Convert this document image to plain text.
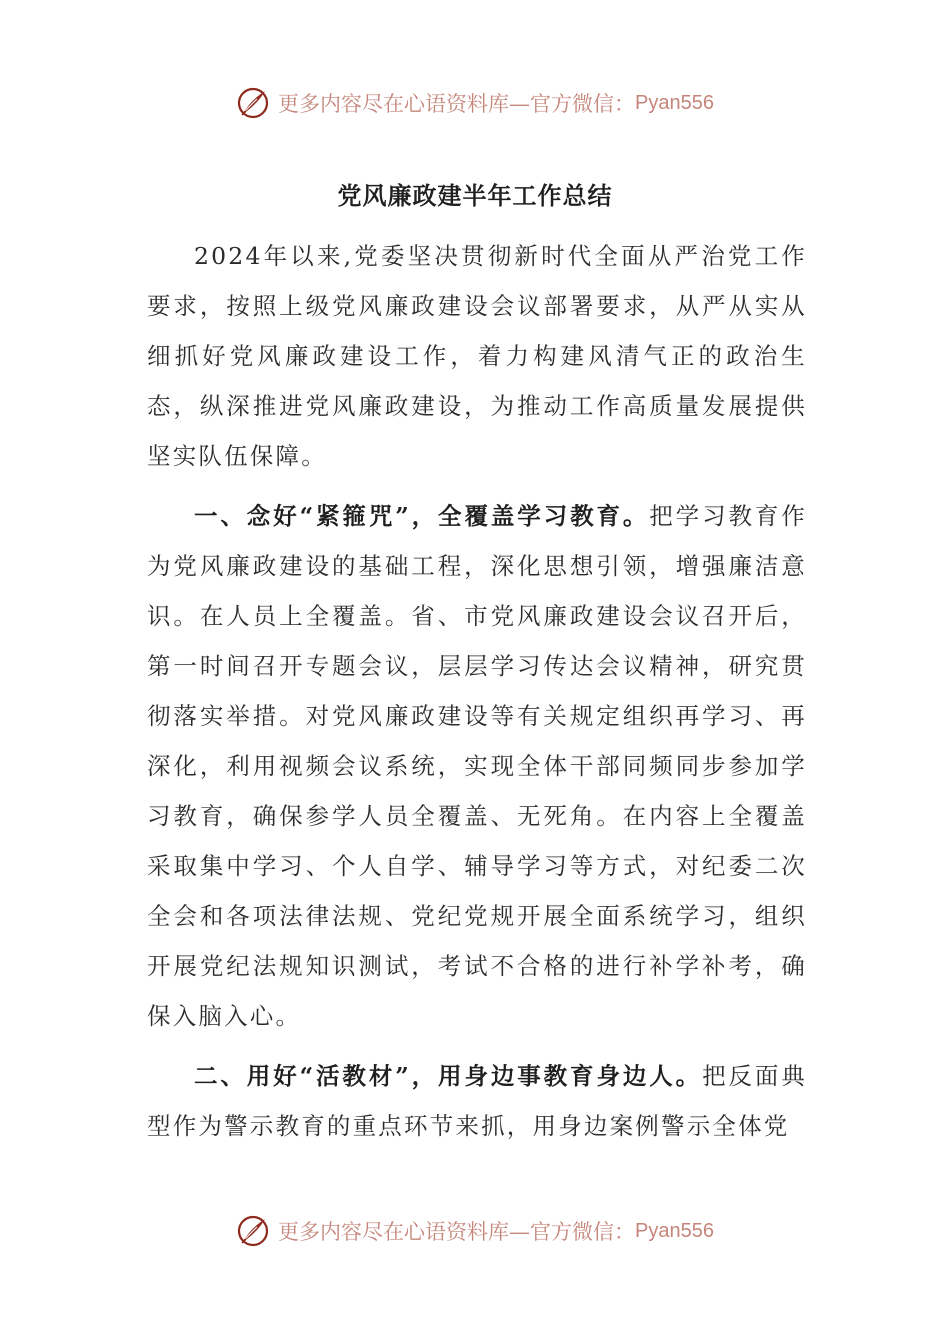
更多内容尽在心语资料库—官方微信： Pyan556
党风廉政建半年工作总结

2024年以来,党委坚决贯彻新时代全面从严治党工作要求，按照上级党风廉政建设会议部署要求，从严从实从细抓好党风廉政建设工作，着力构建风清气正的政治生态，纵深推进党风廉政建设，为推动工作高质量发展提供坚实队伍保障。

一、念好“紧箍咒”，全覆盖学习教育。把学习教育作为党风廉政建设的基础工程，深化思想引领，增强廉洁意识。在人员上全覆盖。省、市党风廉政建设会议召开后，第一时间召开专题会议，层层学习传达会议精神，研究贯彻落实举措。对党风廉政建设等有关规定组织再学习、再深化，利用视频会议系统，实现全体干部同频同步参加学习教育，确保参学人员全覆盖、无死角。在内容上全覆盖采取集中学习、个人自学、辅导学习等方式，对纪委二次全会和各项法律法规、党纪党规开展全面系统学习，组织开展党纪法规知识测试，考试不合格的进行补学补考，确保入脑入心。

二、用好“活教材”，用身边事教育身边人。把反面典型作为警示教育的重点环节来抓，用身边案例警示全体党

更多内容尽在心语资料库—官方微信： Pyan556
